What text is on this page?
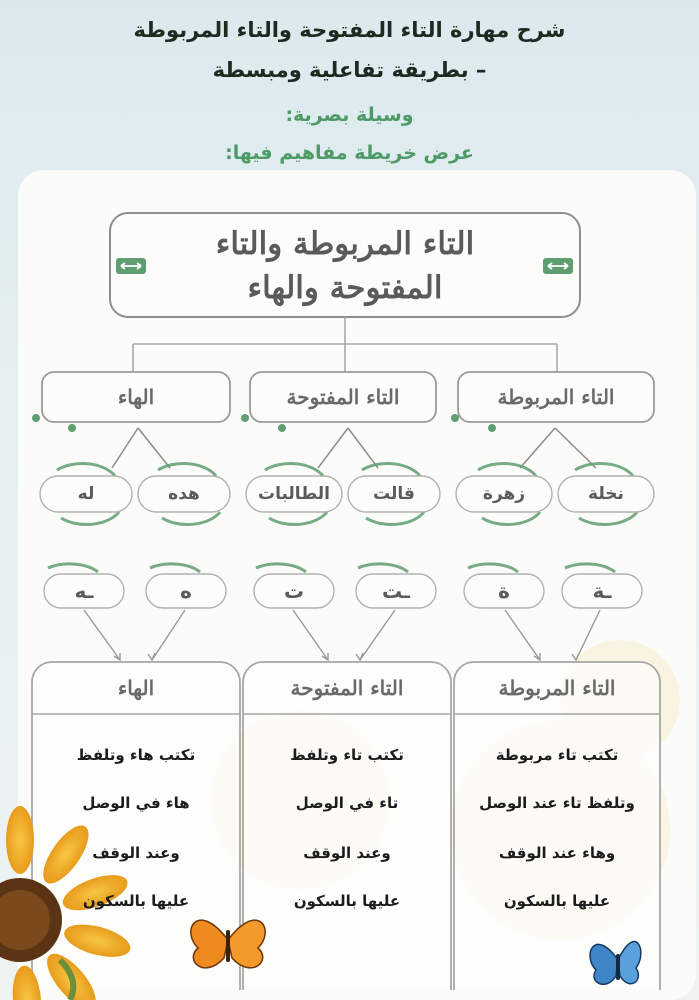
شرح مهارة التاء المفتوحة والتاء المربوطة
– بطريقة تفاعلية ومبسطة
وسيلة بصرية:
عرض خريطة مفاهيم فيها:
التاء المربوطة والتاء
المفتوحة والهاء
التاء المربوطة
التاء المفتوحة
الهاء
نخلة
زهرة
قالت
الطالبات
هده
له
ـة
ة
ـت
ت
ه
ـه
التاء المربوطة
التاء المفتوحة
الهاء
تكتب تاء مربوطة
وتلفظ تاء عند الوصل
وهاء عند الوقف
عليها بالسكون
تكتب تاء وتلفظ
تاء في الوصل
وعند الوقف
عليها بالسكون
تكتب هاء وتلفظ
هاء في الوصل
وعند الوقف
عليها بالسكون
